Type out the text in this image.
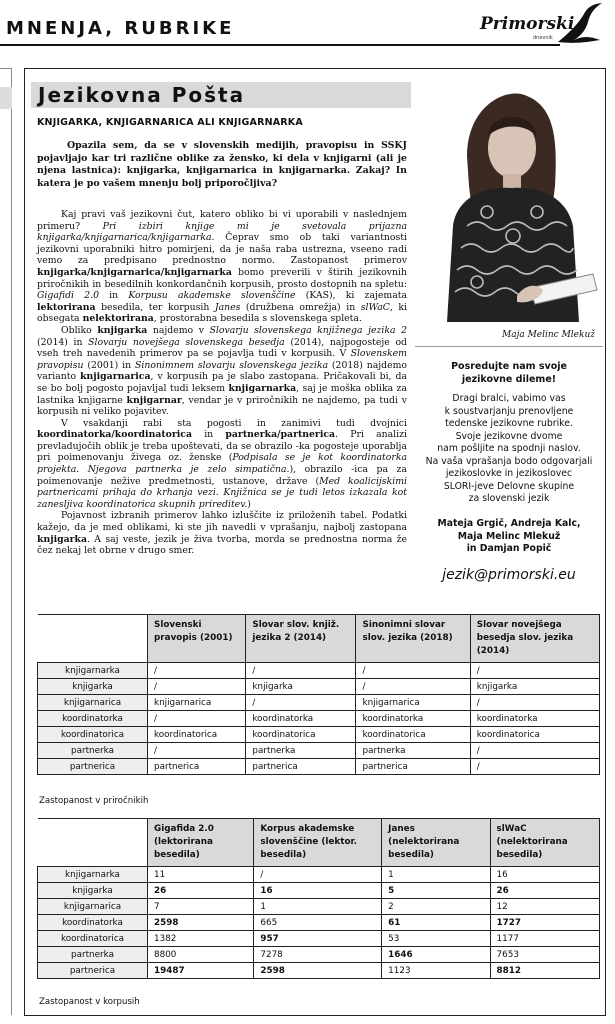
MNENJA, RUBRIKE	Primorski
dnevnik
Jezikovna Pošta
KNJIGARKA, KNJIGARNARICA ALI KNJIGARNARKA
Opazila sem, da se v slovenskih medijih, pravopisu in SSKJ pojavljajo kar tri različne oblike za žensko, ki dela v knjigarni (ali je njena lastnica): knjigarka, knjigarnarica in knjigarnarka. Zakaj? In katera je po vašem mnenju bolj priporočljiva?

Kaj pravi vaš jezikovni čut, katero obliko bi vi uporabili v naslednjem primeru? Pri izbiri knjige mi je svetovala prijazna knjigarka/knjigarnarica/knjigarnarka. Čeprav smo ob taki variantnosti jezikovni uporabniki hitro pomirjeni, da je naša raba ustrezna, vseeno radi vemo za predpisano prednostno normo. Zastopanost primerov knjigarka/knjigarnarica/knjigarnarka bomo preverili v štirih jezikovnih priročnikih in besedilnih konkordančnih korpusih, prosto dostopnih na spletu: Gigafidi 2.0 in Korpusu akademske slovenščine (KAS), ki zajemata lektorirana besedila, ter korpusih Janes (družbena omrežja) in slWaC, ki obsegata nelektorirana, prostorabna besedila s slovenskega spleta.

Obliko knjigarka najdemo v Slovarju slovenskega knjižnega jezika 2 (2014) in Slovarju novejšega slovenskega besedja (2014), najpogosteje od vseh treh navedenih primerov pa se pojavlja tudi v korpusih. V Slovenskem pravopisu (2001) in Sinonimnem slovarju slovenskega jezika (2018) najdemo varianto knjigarnarica, v korpusih pa je slabo zastopana. Pričakovali bi, da se bo bolj pogosto pojavljal tudi leksem knjigarnarka, saj je moška oblika za lastnika knjigarne knjigarnar, vendar je v priročnikih ne najdemo, pa tudi v korpusih ni veliko pojavitev.

V vsakdanji rabi sta pogosti in zanimivi tudi dvojnici koordinatorka/koordinatorica in partnerka/partnerica. Pri analizi prevladujočih oblik je treba upoštevati, da se obrazilo -ka pogosteje uporablja pri poimenovanju živega oz. ženske (Podpisala se je kot koordinatorka projekta. Njegova partnerka je zelo simpatična.), obrazilo -ica pa za poimenovanje nežive predmetnosti, ustanove, države (Med koalicijskimi partnericami prihaja do krhanja vezi. Knjižnica se je tudi letos izkazala kot zanesljiva koordinatorica skupnih prireditev.)

Pojavnost izbranih primerov lahko izluščite iz priloženih tabel. Podatki kažejo, da je med oblikami, ki ste jih navedli v vprašanju, najbolj zastopana knjigarka. A saj veste, jezik je živa tvorba, morda se prednostna norma že čez nekaj let obrne v drugo smer.

Maja Melinc Mlekuž
Posredujte nam svoje
jezikovne dileme!
Dragi bralci, vabimo vas
k soustvarjanju prenovljene
tedenske jezikovne rubrike.
Svoje jezikovne dvome
nam pošljite na spodnji naslov.
Na vaša vprašanja bodo odgovarjali
jezikoslovke in jezikoslovec
SLORI-jeve Delovne skupine
za slovenski jezik
Mateja Grgič, Andreja Kalc,
Maja Melinc Mlekuž
in Damjan Popič
jezik@primorski.eu
	Slovenski pravopis (2001)	Slovar slov. knjiž. jezika 2 (2014)	Sinonimni slovar slov. jezika (2018)	Slovar novejšega besedja slov. jezika (2014)
knjigarnarka	/	/	/	/
knjigarka	/	knjigarka	/	knjigarka
knjigarnarica	knjigarnarica	/	knjigarnarica	/
koordinatorka	/	koordinatorka	koordinatorka	koordinatorka
koordinatorica	koordinatorica	koordinatorica	koordinatorica	koordinatorica
partnerka	/	partnerka	partnerka	/
partnerica	partnerica	partnerica	partnerica	/
Zastopanost v priročnikih
	Gigafida 2.0 (lektorirana besedila)	Korpus akademske slovenščine (lektor. besedila)	Janes (nelektorirana besedila)	slWaC (nelektorirana besedila)
knjigarnarka	11	/	1	16
knjigarka	26	16	5	26
knjigarnarica	7	1	2	12
koordinatorka	2598	665	61	1727
koordinatorica	1382	957	53	1177
partnerka	8800	7278	1646	7653
partnerica	19487	2598	1123	8812
Zastopanost v korpusih
